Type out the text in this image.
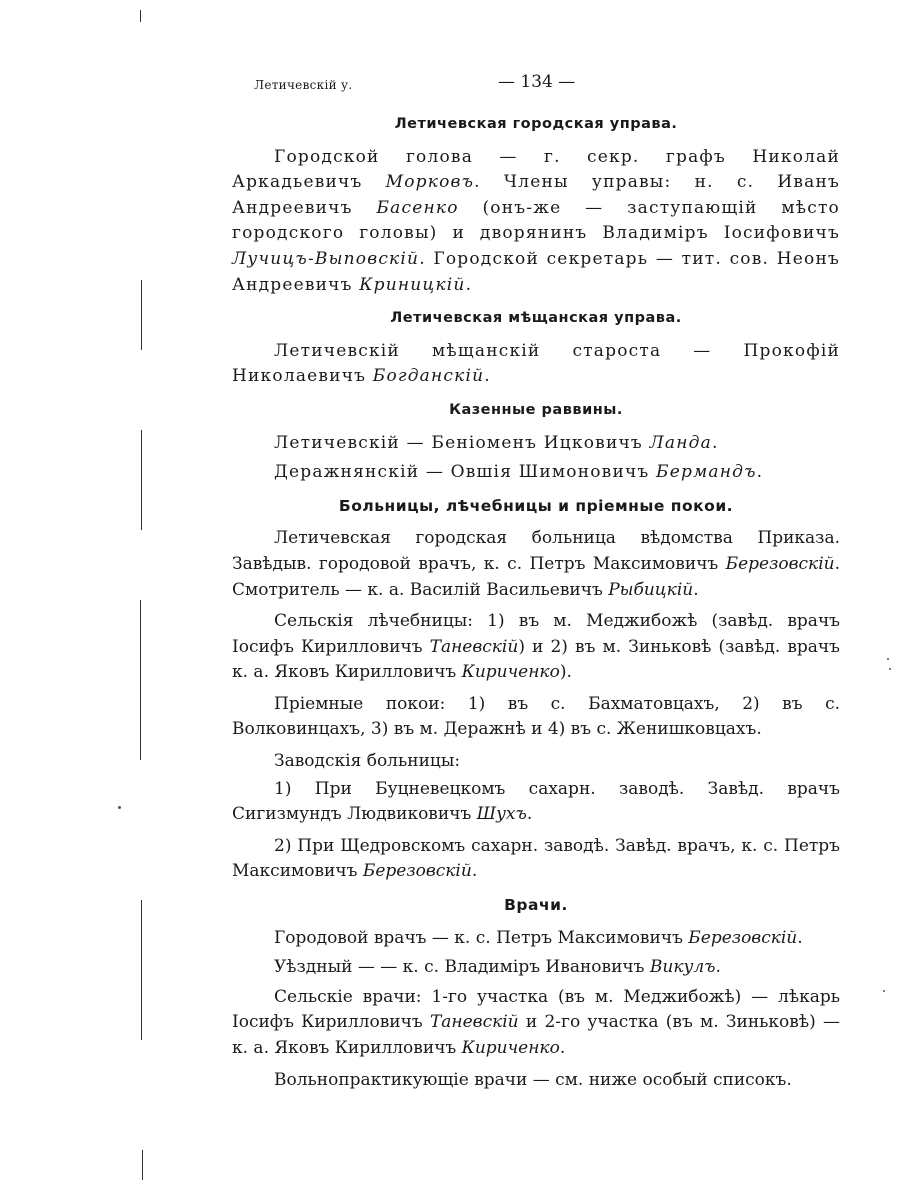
Летичевскій у.	— 134 —
Летичевская городская управа.

Городской голова — г. секр. графъ Николай Аркадьевичъ Морковъ. Члены управы: н. с. Иванъ Андреевичъ Басенко (онъ-же — заступающій мѣсто городского головы) и дворянинъ Владиміръ Іосифовичъ Лучицъ-Выповскій. Городской секретарь — тит. сов. Неонъ Андреевичъ Криницкій.

Летичевская мѣщанская управа.

Летичевскій мѣщанскій староста — Прокофій Николаевичъ Богданскій.

Казенные раввины.
Летичевскій — Беніоменъ Ицковичъ Ланда.
Деражнянскій — Овшія Шимоновичъ Бермандъ.
Больницы, лѣчебницы и пріемные покои.

Летичевская городская больница вѣдомства Приказа. Завѣдыв. городовой врачъ, к. с. Петръ Максимовичъ Березовскій. Смотритель — к. а. Василій Васильевичъ Рыбицкій.

Сельскія лѣчебницы: 1) въ м. Меджибожѣ (завѣд. врачъ Іосифъ Кирилловичъ Таневскій) и 2) въ м. Зиньковѣ (завѣд. врачъ к. а. Яковъ Кирилловичъ Кириченко).

Пріемные покои: 1) въ с. Бахматовцахъ, 2) въ с. Волковинцахъ, 3) въ м. Деражнѣ и 4) въ с. Женишковцахъ.

Заводскія больницы:

1) При Буцневецкомъ сахарн. заводѣ. Завѣд. врачъ Сигизмундъ Людвиковичъ Шухъ.

2) При Щедровскомъ сахарн. заводѣ. Завѣд. врачъ, к. с. Петръ Максимовичъ Березовскій.

Врачи.
Городовой врачъ — к. с. Петръ Максимовичъ Березовскій.
Уѣздный — — к. с. Владиміръ Ивановичъ Викулъ.

Сельскіе врачи: 1-го участка (въ м. Меджибожѣ) — лѣкарь Іосифъ Кирилловичъ Таневскій и 2-го участка (въ м. Зиньковѣ) — к. а. Яковъ Кирилловичъ Кириченко.

Вольнопрактикующіе врачи — см. ниже особый списокъ.
